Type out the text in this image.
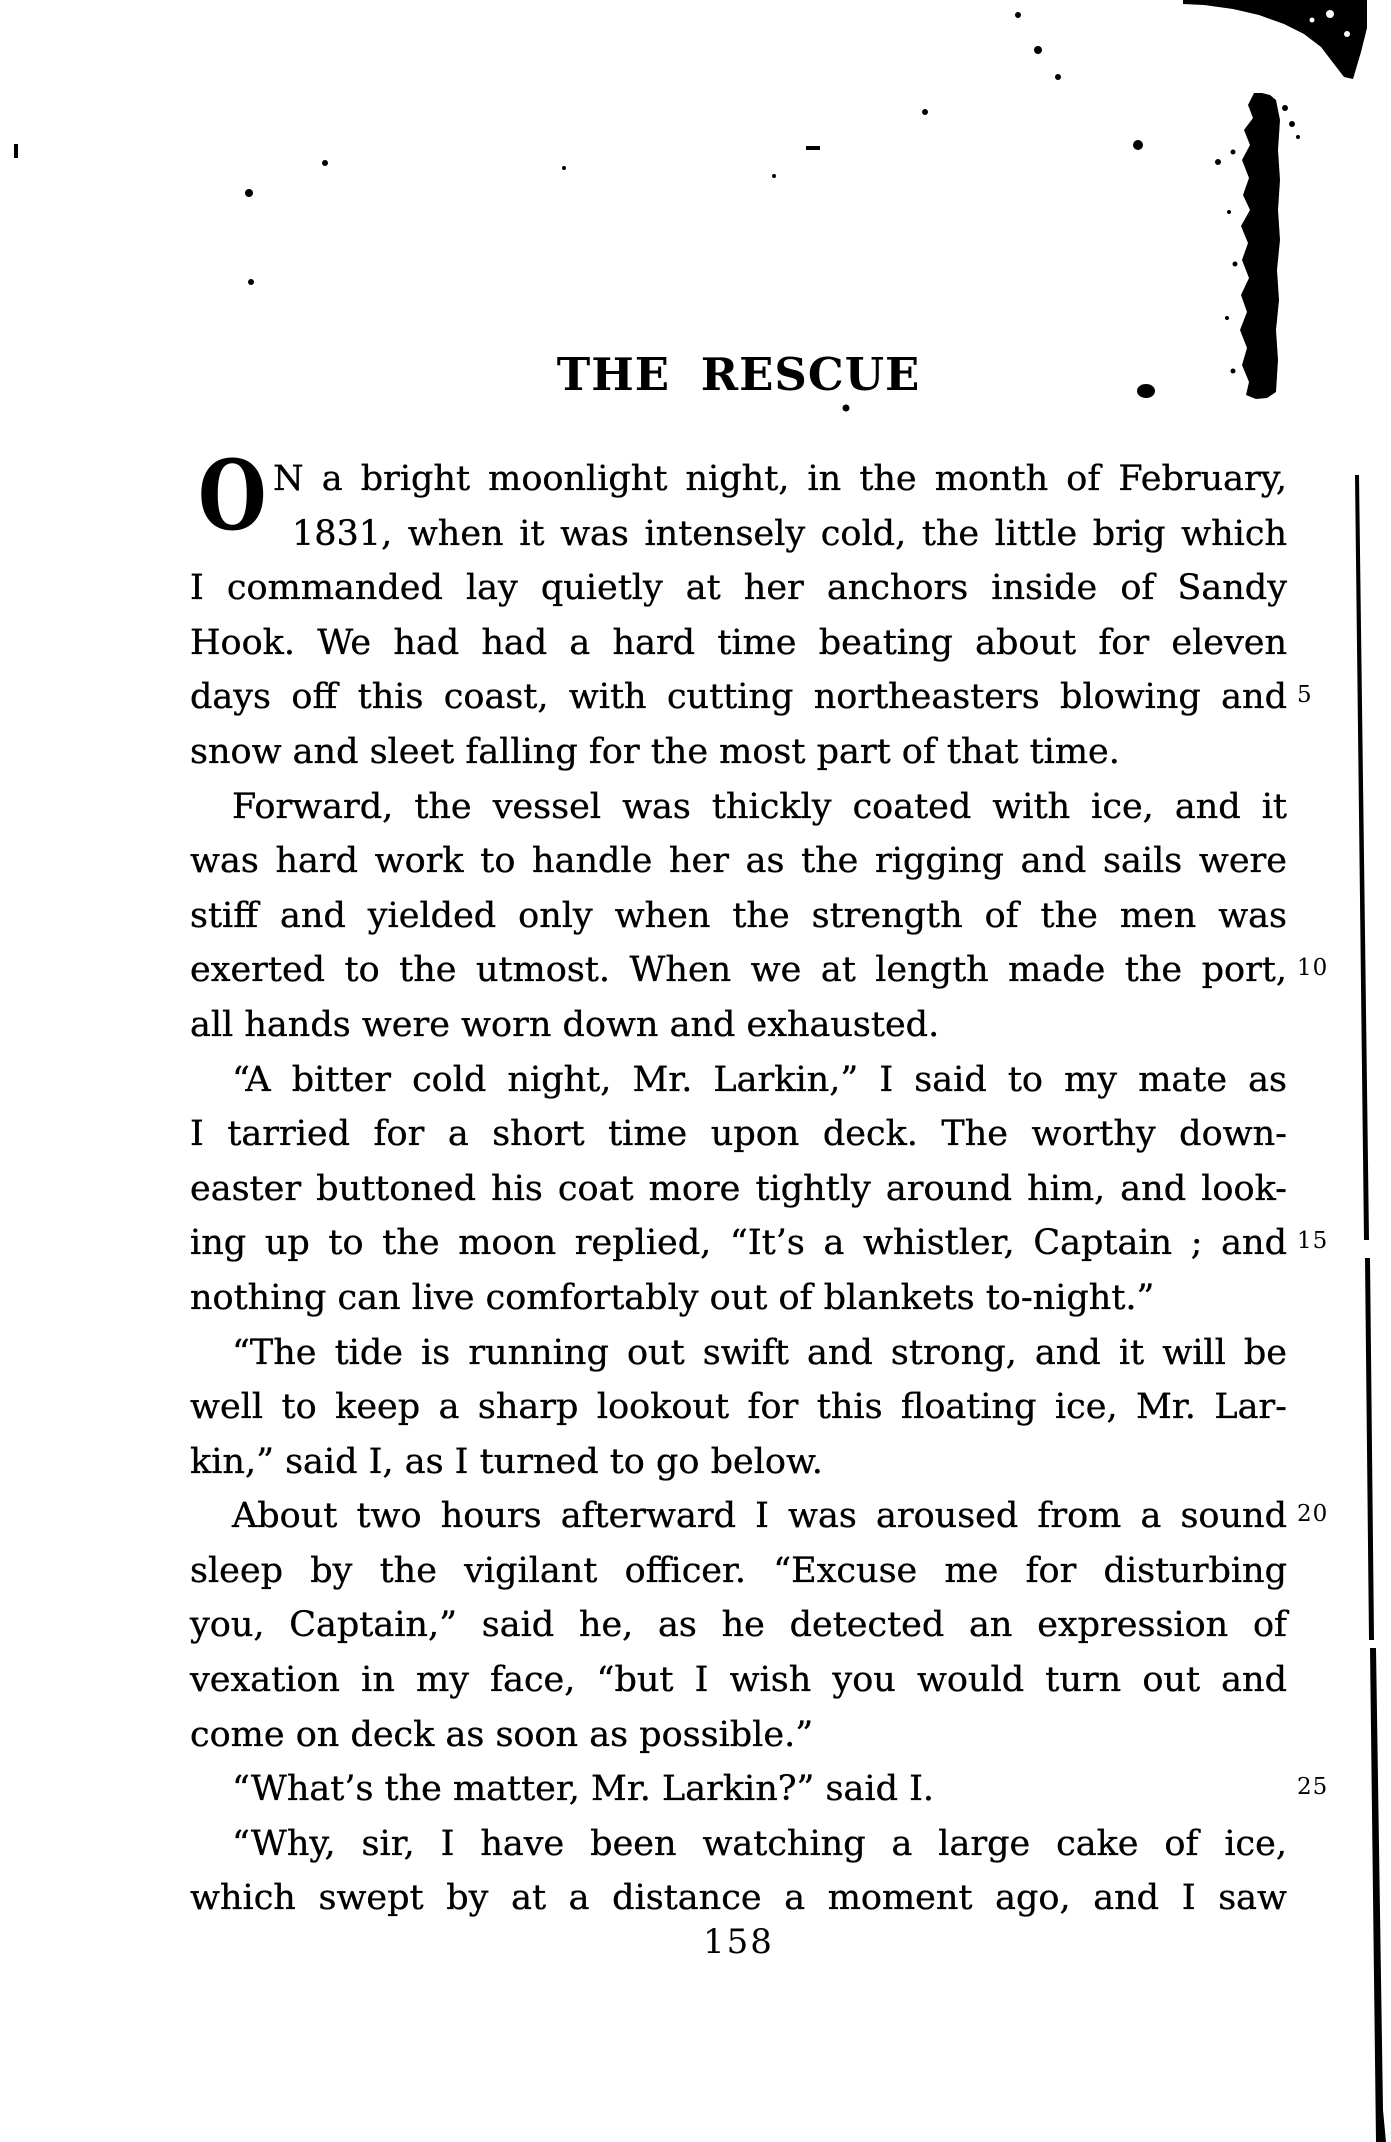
THE RESCUE
O N a bright moonlight night, in the month of February,
1831, when it was intensely cold, the little brig which
I commanded lay quietly at her anchors inside of Sandy
Hook. We had had a hard time beating about for eleven
days off this coast, with cutting northeasters blowing and 5
snow and sleet falling for the most part of that time.
Forward, the vessel was thickly coated with ice, and it
was hard work to handle her as the rigging and sails were
stiff and yielded only when the strength of the men was
exerted to the utmost. When we at length made the port, 10
all hands were worn down and exhausted.
“A bitter cold night, Mr. Larkin,” I said to my mate as
I tarried for a short time upon deck. The worthy down-
easter buttoned his coat more tightly around him, and look-
ing up to the moon replied, “It’s a whistler, Captain ; and 15
nothing can live comfortably out of blankets to-night.”
“The tide is running out swift and strong, and it will be
well to keep a sharp lookout for this floating ice, Mr. Lar-
kin,” said I, as I turned to go below.
About two hours afterward I was aroused from a sound 20
sleep by the vigilant officer. “Excuse me for disturbing
you, Captain,” said he, as he detected an expression of
vexation in my face, “but I wish you would turn out and
come on deck as soon as possible.”
“What’s the matter, Mr. Larkin?” said I.	25
“Why, sir, I have been watching a large cake of ice,
which swept by at a distance a moment ago, and I saw
158
